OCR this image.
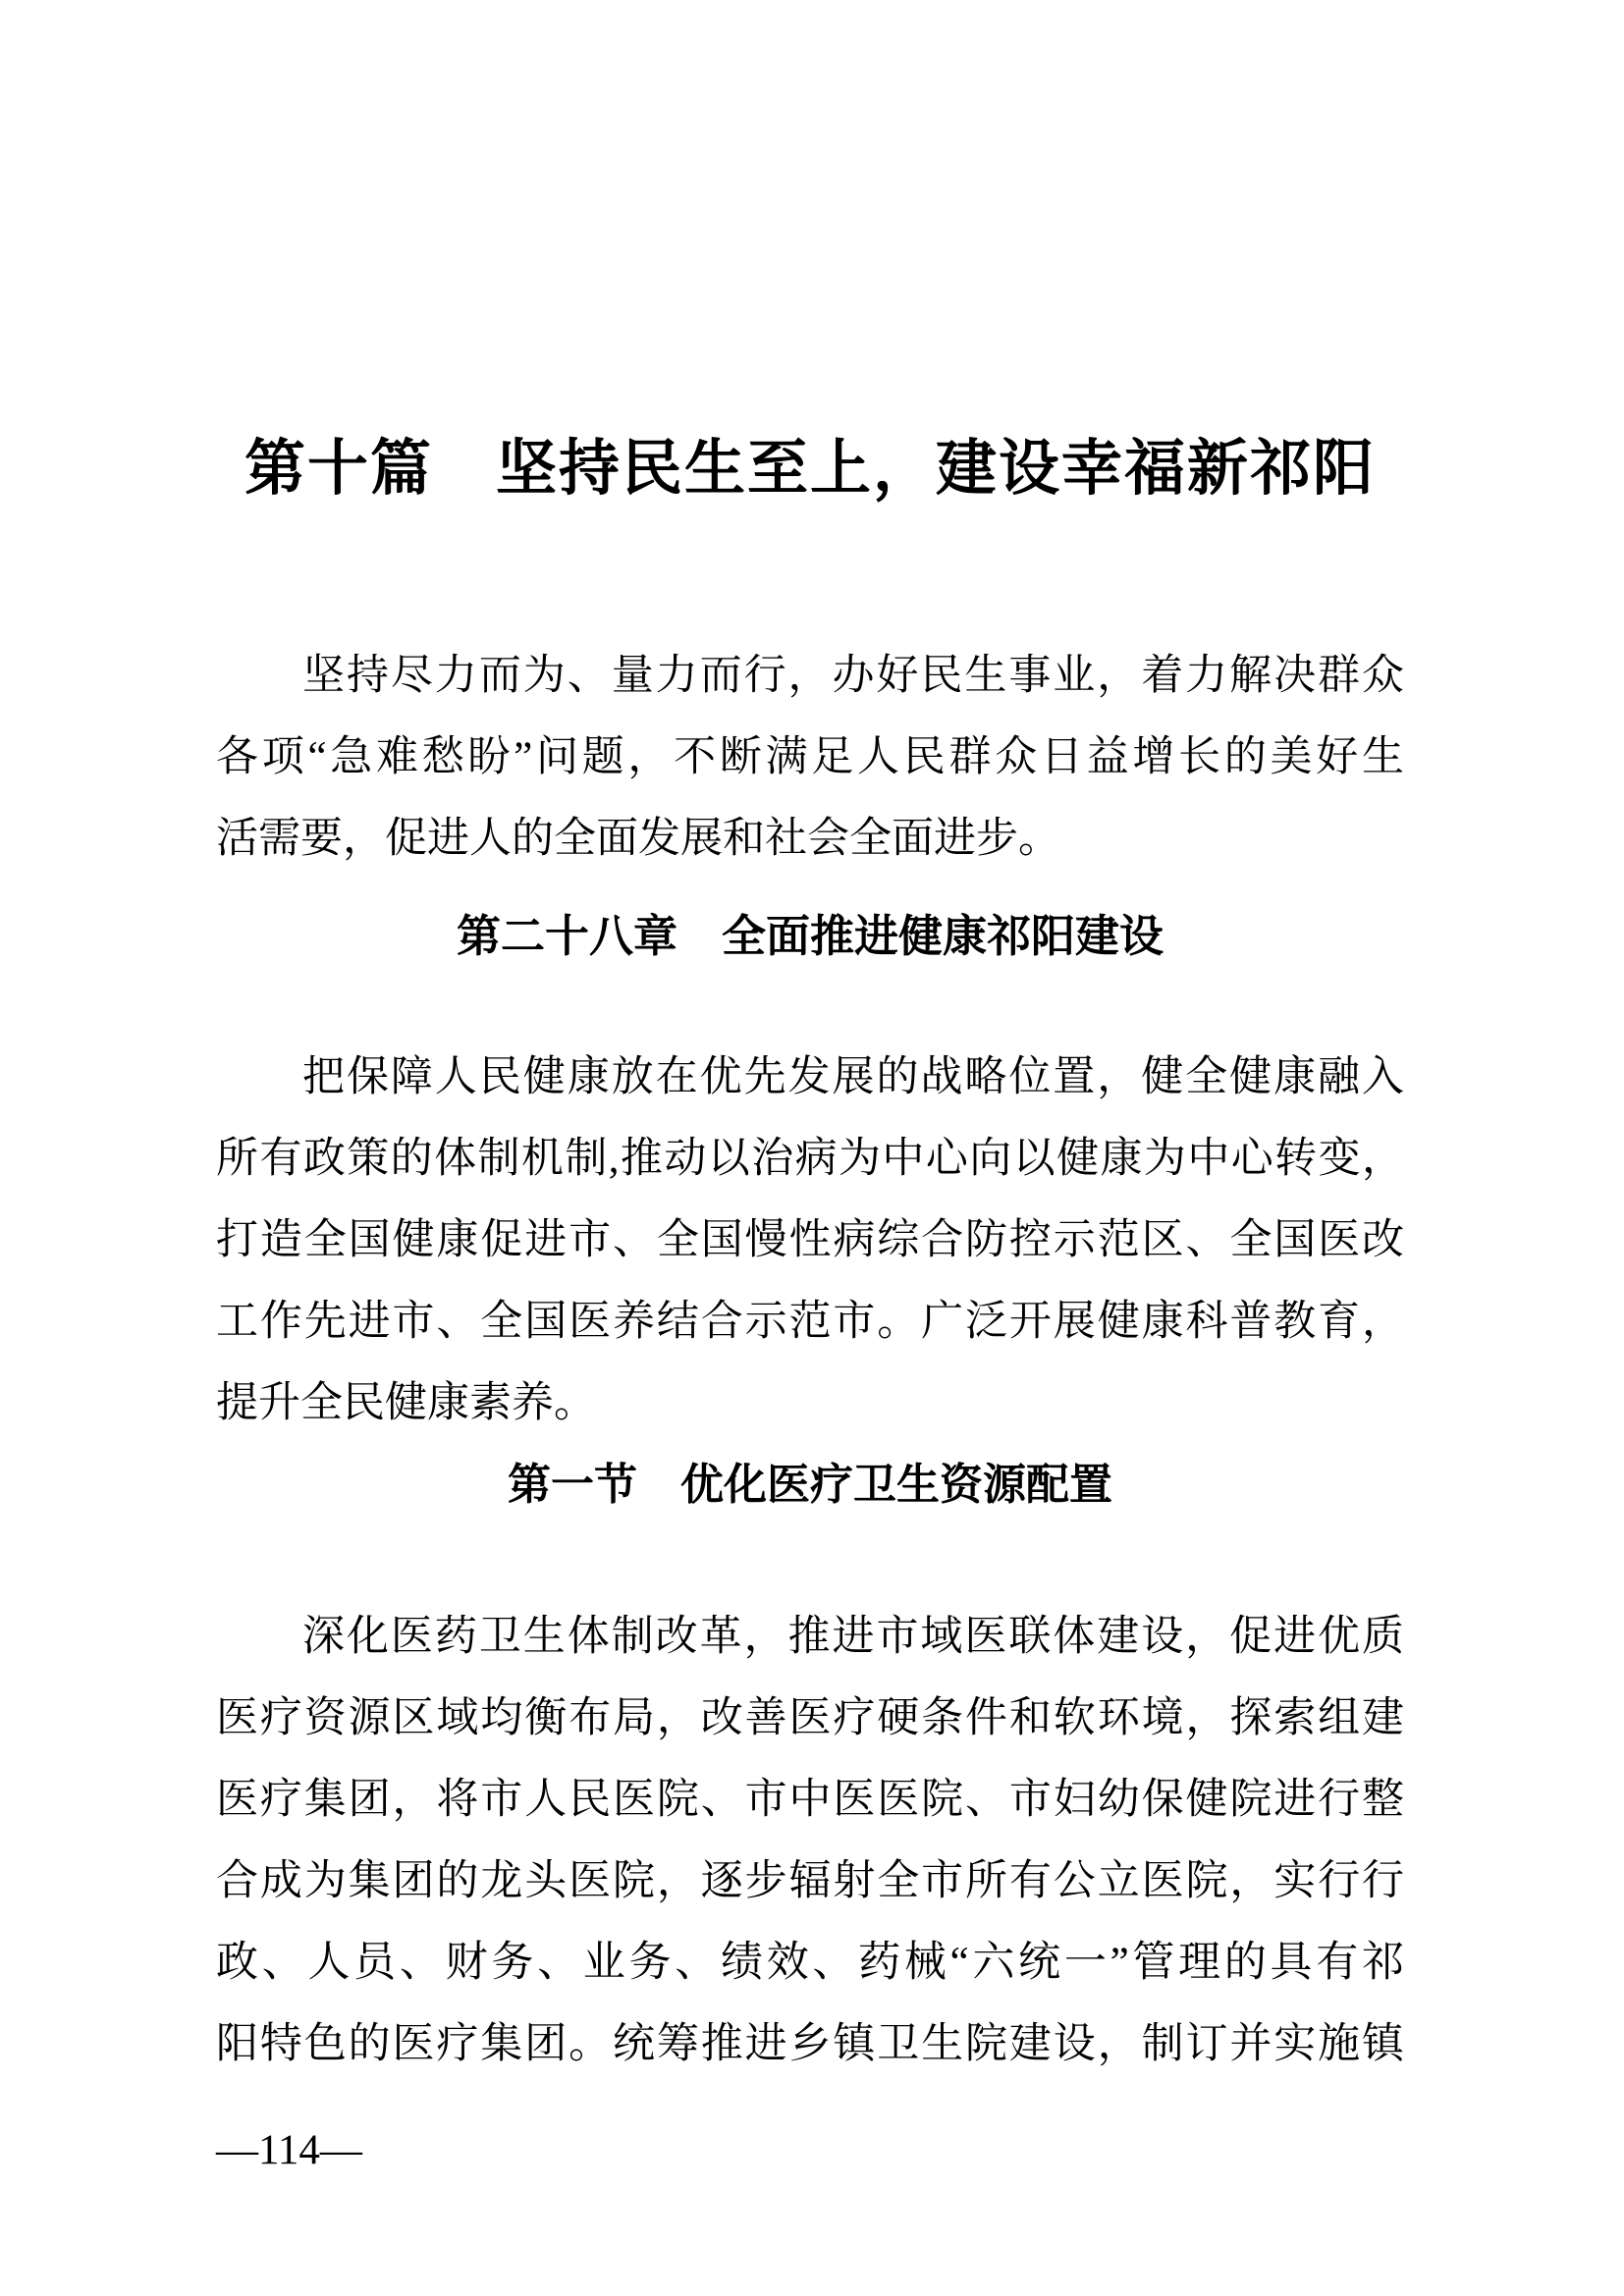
第十篇　坚持民生至上，建设幸福新祁阳
坚持尽力而为、量力而行，办好民生事业，着力解决群众
各项“急难愁盼”问题，不断满足人民群众日益增长的美好生
活需要，促进人的全面发展和社会全面进步。
第二十八章　全面推进健康祁阳建设
把保障人民健康放在优先发展的战略位置，健全健康融入
所有政策的体制机制,推动以治病为中心向以健康为中心转变，
打造全国健康促进市、全国慢性病综合防控示范区、全国医改
工作先进市、全国医养结合示范市。广泛开展健康科普教育，
提升全民健康素养。
第一节　优化医疗卫生资源配置
深化医药卫生体制改革，推进市域医联体建设，促进优质
医疗资源区域均衡布局，改善医疗硬条件和软环境，探索组建
医疗集团，将市人民医院、市中医医院、市妇幼保健院进行整
合成为集团的龙头医院，逐步辐射全市所有公立医院，实行行
政、人员、财务、业务、绩效、药械“六统一”管理的具有祁
阳特色的医疗集团。统筹推进乡镇卫生院建设，制订并实施镇
—114—
